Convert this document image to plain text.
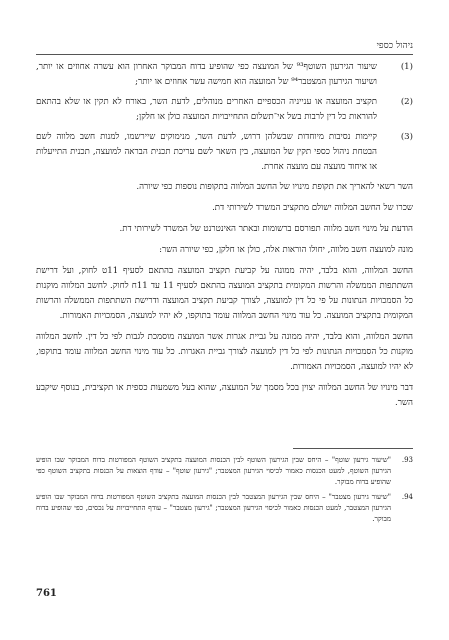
ניהול כספי
(1)
שיעור הגירעון השוטף⁹³ של המועצה כפי שהופיע בדוח המבוקר האחרון הוא עשרה אחוזים או יותר, ושיעור הגירעון המצטבר⁹⁴ של המועצה הוא חמישה עשר אחוזים או יותר;
(2)
תקציב המועצה או ענייניה הכספיים האחרים מנוהלים, לדעת השר, באורח לא תקין או שלא בהתאם להוראות כל דין לרבות בשל אי־תשלום התחייבויות המועצה כולן או חלקן;
(3)
קיימות נסיבות מיוחדות שבשלהן דרוש, לדעת השר, מנימוקים שיירשמו, למנות חשב מלווה לשם הבטחת ניהול כספי תקין של המועצה, בין השאר לשם עריכת תכנית הבראה למועצה, תכנית התייעלות או איחוד מועצה עם מועצה אחרת.

השר רשאי להאריך את תקופת מינויו של החשב המלווה בתקופות נוספות כפי שיורה.

שכרו של החשב המלווה ישולם מתקציב המשרד לשירותי דת.

הודעת על מינוי חשב מלווה תפורסם ברשומות ובאתר האינטרנט של המשרד לשירותי דת.

מונה למועצה חשב מלווה, יחולו הוראות אלה, כולן או חלקן, כפי שיורה השר:

החשב המלווה, והוא בלבד, יהיה ממונה על קביעת תקציב המועצה בהתאם לסעיף 11ט לחוק, ועל דרישת השתתפות הממשלה והרשות המקומית בתקציב המועצה בהתאם לסעיף 11 עד 11ח לחוק. לחשב המלווה מוקנות כל הסמכויות הנתונות על פי כל דין למועצה, לצורך קביעת תקציב המועצה ודרישת השתתפות הממשלה והרשות המקומית בתקציב המועצה. כל עוד מינוי החשב המלווה עומד בתוקפו, לא יהיו למועצה, הסמכויות האמורות.

החשב המלווה, והוא בלבד, יהיה ממונה על גביית אגרות אשר המועצה מוסמכת לגבות לפי כל דין. לחשב המלווה מוקנות כל הסמכויות הנתונות לפי כל דין למועצה לצורך גביית האגרות. כל עוד מינוי החשב המלווה עומד בתוקפו, לא יהיו למועצה, הסמכויות האמורות.

דבר מינויו של החשב המלווה יצוין בכל מסמך של המועצה, שהוא בעל משמעות כספית או תקציבית, בנוסף שיקבע השר.

93.
"שיעור גירעון שוטף" – היחס שבין הגירעון השוטף לבין הכנסות המועצה בתקציב השוטף המפורטות בדוח המבוקר שבו הופיע הגירעון השוטף, למעט הכנסות כאמור לכיסוי הגירעון המצטבר; "גירעון שוטף" – עודף הוצאות על הכנסות בתקציב השוטף כפי שהופיע בדוח מבוקר.
94.
"שיעור גירעון מצטבר" – היחס שבין הגירעון המצטבר לבין הכנסות המועצה בתקציב השוטף המפורטות בדוח המבוקר שבו הופיע הגירעון המצטבר, למעט הכנסות כאמור לכיסוי הגירעון המצטבר; "גירעון מצטבר" – עודף התחייבויות על נכסים, כפי שהופיע בדוח מבוקר.
761
